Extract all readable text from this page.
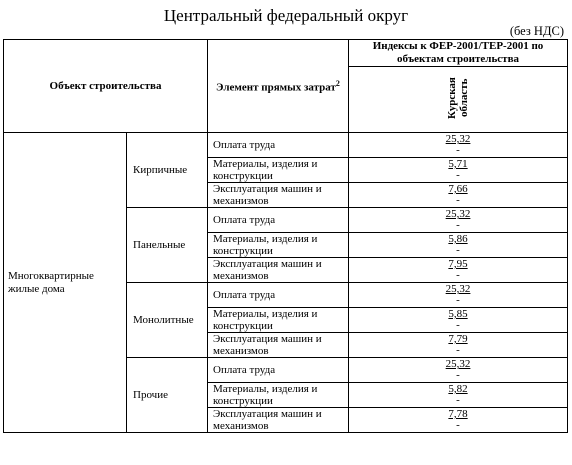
Центральный федеральный округ
(без НДС)
Объект строительства		Элемент прямых затрат$^2$	Индексы к ФЕР-2001/ТЕР-2001 по объектам строительства
			Курская область
Многоквартирные жилые дома	Кирпичные	Оплата труда	25,32
-

		Материалы, изделия и конструкции	5,71
-

		Эксплуатация машин и механизмов	7,66
-

	Панельные	Оплата труда	25,32
-

		Материалы, изделия и конструкции	5,86
-

		Эксплуатация машин и механизмов	7,95
-

	Монолитные	Оплата труда	25,32
-

		Материалы, изделия и конструкции	5,85
-

		Эксплуатация машин и механизмов	7,79
-

	Прочие	Оплата труда	25,32
-

		Материалы, изделия и конструкции	5,82
-

		Эксплуатация машин и механизмов	7,78
-
